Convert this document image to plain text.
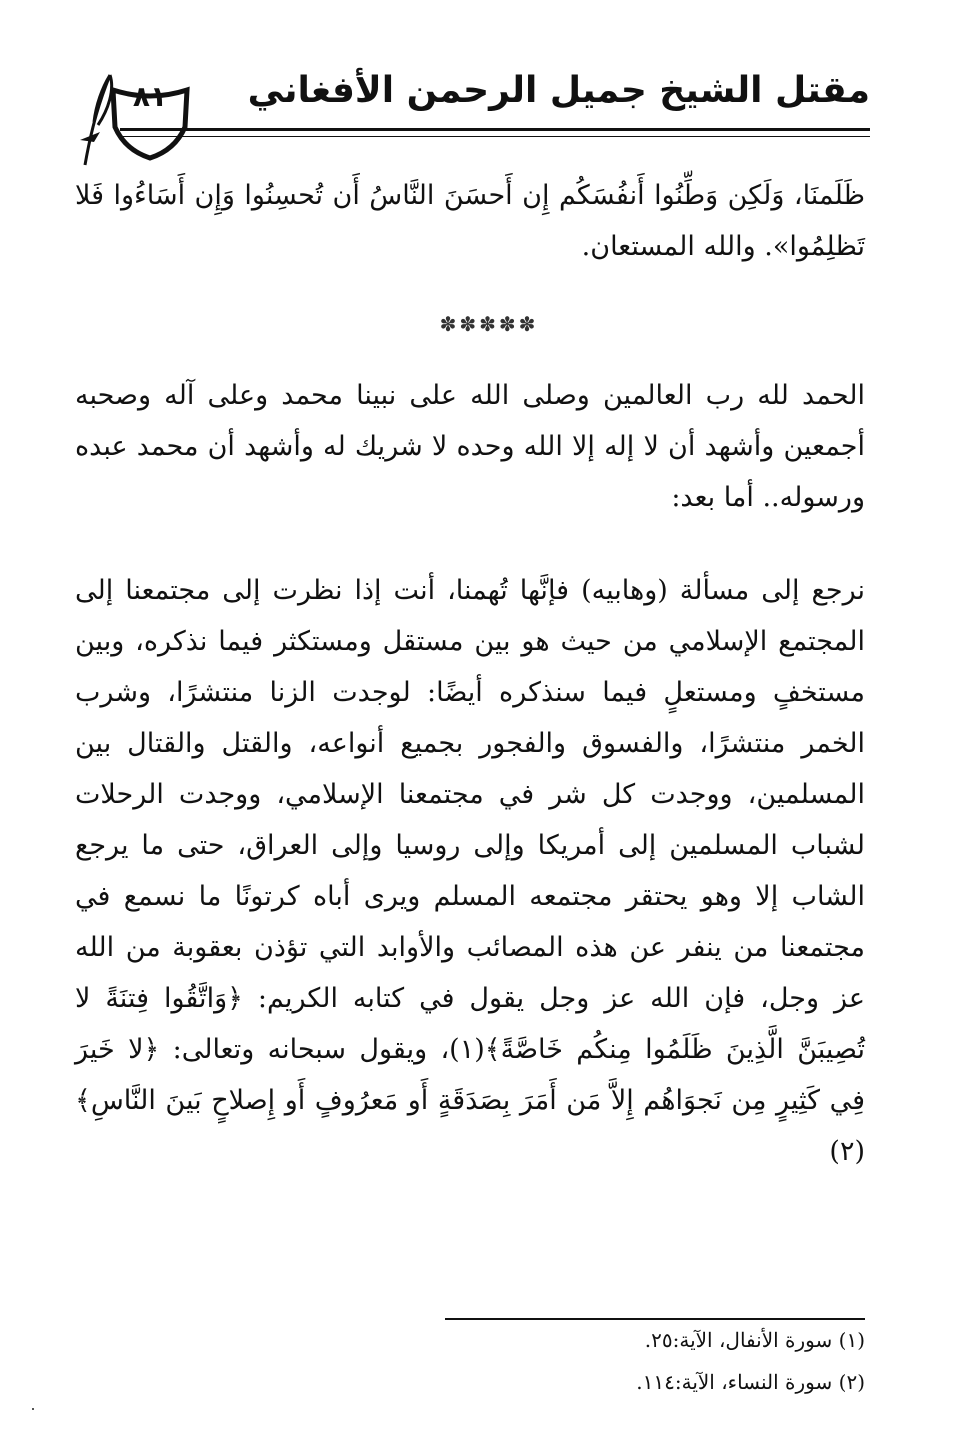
٨١	مقتل الشيخ جميل الرحمن الأفغاني
ظَلَمنَا، وَلَكِن وَطِّنُوا أَنفُسَكُم إِن أَحسَنَ النَّاسُ أَن تُحسِنُوا وَإِن أَسَاءُوا فَلا تَظلِمُوا». والله المستعان.
✽✽✽✽✽
الحمد لله رب العالمين وصلى الله على نبينا محمد وعلى آله وصحبه أجمعين وأشهد أن لا إله إلا الله وحده لا شريك له وأشهد أن محمد عبده ورسوله.. أما بعد:
نرجع إلى مسألة (وهابيه) فإنَّها تُهمنا، أنت إذا نظرت إلى مجتمعنا إلى المجتمع الإسلامي من حيث هو بين مستقل ومستكثر فيما نذكره، وبين مستخفٍ ومستعلٍ فيما سنذكره أيضًا: لوجدت الزنا منتشرًا، وشرب الخمر منتشرًا، والفسوق والفجور بجميع أنواعه، والقتل والقتال بين المسلمين، ووجدت كل شر في مجتمعنا الإسلامي، ووجدت الرحلات لشباب المسلمين إلى أمريكا وإلى روسيا وإلى العراق، حتى ما يرجع الشاب إلا وهو يحتقر مجتمعه المسلم ويرى أباه كرتونًا ما نسمع في مجتمعنا من ينفر عن هذه المصائب والأوابد التي تؤذن بعقوبة من الله عز وجل، فإن الله عز وجل يقول في كتابه الكريم: ﴿وَاتَّقُوا فِتنَةً لا تُصِيبَنَّ الَّذِينَ ظَلَمُوا مِنكُم خَاصَّةً﴾(١)، ويقول سبحانه وتعالى: ﴿لا خَيرَ فِي كَثِيرٍ مِن نَجوَاهُم إِلاَّ مَن أَمَرَ بِصَدَقَةٍ أَو مَعرُوفٍ أَو إِصلاحٍ بَينَ النَّاسِ﴾(٢)
(١) سورة الأنفال، الآية:٢٥.
(٢) سورة النساء، الآية:١١٤.
